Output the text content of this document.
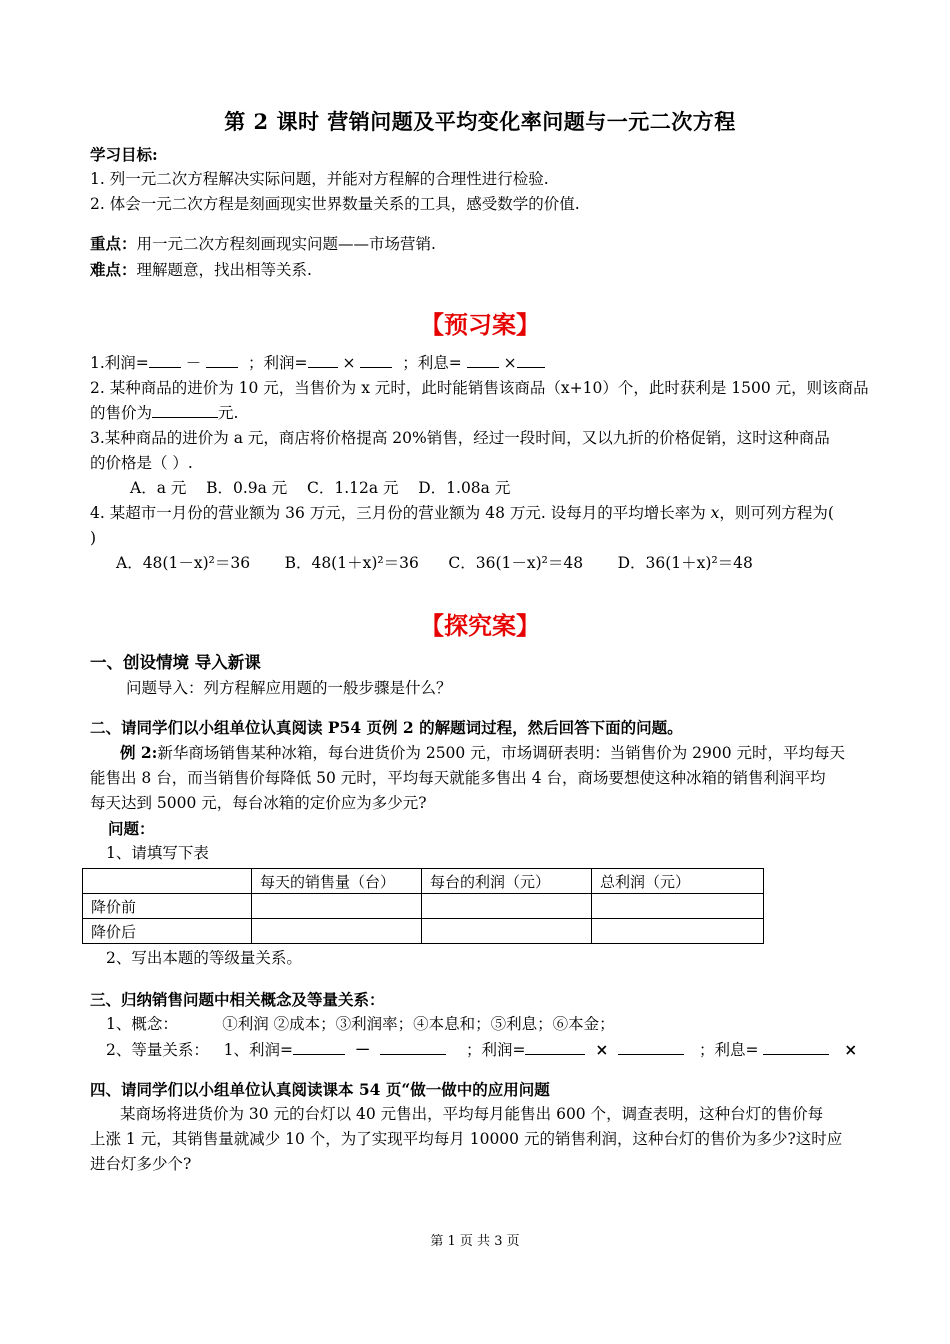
第 2 课时 营销问题及平均变化率问题与一元二次方程
学习目标:
1. 列一元二次方程解决实际问题，并能对方程解的合理性进行检验.
2. 体会一元二次方程是刻画现实世界数量关系的工具，感受数学的价值.
重点：用一元二次方程刻画现实问题——市场营销.
难点：理解题意，找出相等关系.
【预习案】
1.利润= －	；利润= ×	；利息=	×
2. 某种商品的进价为 10 元，当售价为 x 元时，此时能销售该商品（x+10）个，此时获利是 1500 元，则该商品
的售价为	元.
3.某种商品的进价为 a 元，商店将价格提高 20%销售，经过一段时间，又以九折的价格促销，这时这种商品
的价格是（ ）.
A．a 元    B．0.9a 元    C．1.12a 元    D．1.08a 元
4. 某超市一月份的营业额为 36 万元，三月份的营业额为 48 万元. 设每月的平均增长率为 x，则可列方程为(
)
A．48(1－x)²＝36 B．48(1＋x)²＝36 C．36(1－x)²＝48 D．36(1＋x)²＝48
【探究案】
一、创设情境 导入新课
问题导入：列方程解应用题的一般步骤是什么？
二、请同学们以小组单位认真阅读 P54 页例 2 的解题词过程，然后回答下面的问题。
例 2:新华商场销售某种冰箱，每台进货价为 2500 元，市场调研表明：当销售价为 2900 元时，平均每天
能售出 8 台，而当销售价每降低 50 元时，平均每天就能多售出 4 台，商场要想使这种冰箱的销售利润平均
每天达到 5000 元，每台冰箱的定价应为多少元?
问题：
1、请填写下表
	每天的销售量（台）	每台的利润（元）	总利润（元）
降价前			
降价后			
2、写出本题的等级量关系。
三、归纳销售问题中相关概念及等量关系：
1、概念：	①利润 ②成本；③利润率；④本息和；⑤利息；⑥本金；
2、等量关系： 1、利润=	－	；利润=	×	；利息=	×
四、请同学们以小组单位认真阅读课本 54 页“做一做中的应用问题
某商场将进货价为 30 元的台灯以 40 元售出，平均每月能售出 600 个，调查表明，这种台灯的售价每
上涨 1 元，其销售量就减少 10 个，为了实现平均每月 10000 元的销售利润，这种台灯的售价为多少?这时应
进台灯多少个?
第 1 页 共 3 页
